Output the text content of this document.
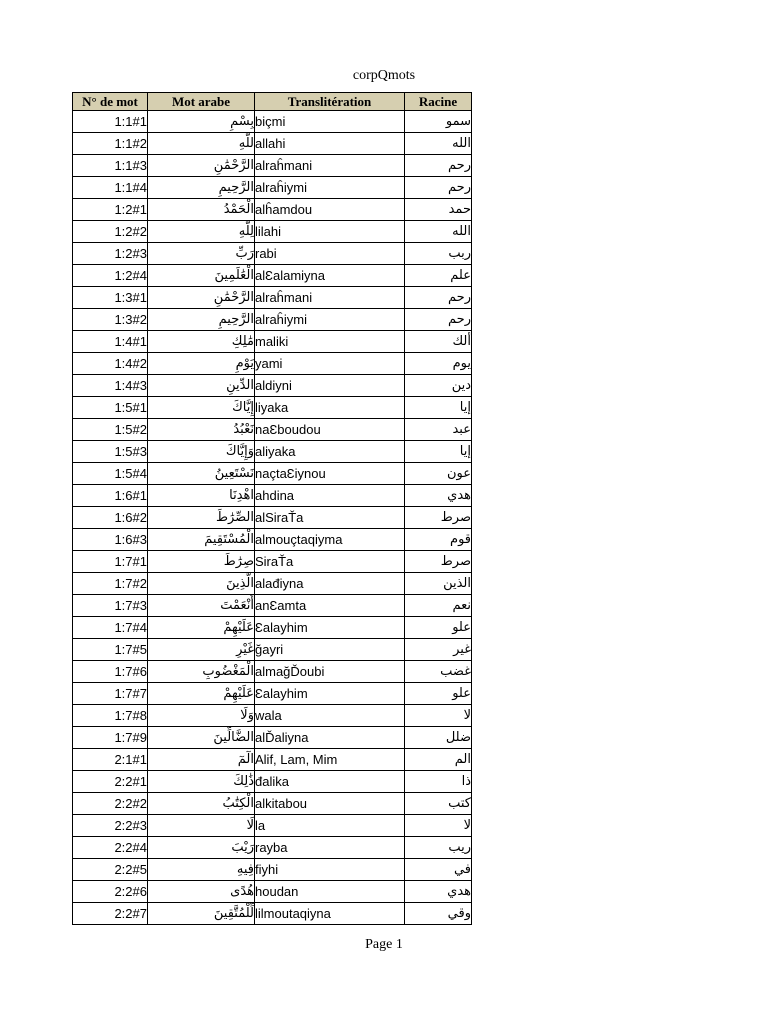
corpQmots
N° de mot	Mot arabe	Translitération	Racine
1:1#1	بِسْمِ	biçmi	سمو
1:1#2	للَّهِ	allahi	الله
1:1#3	الرَّحْمَٰنِ	alraĥmani	رحم
1:1#4	الرَّحِيمِ	alraĥiymi	رحم
1:2#1	الْحَمْدُ	alĥamdou	حمد
1:2#2	لِلَّهِ	lilahi	الله
1:2#3	رَبِّ	rabi	ربب
1:2#4	الْعَٰلَمِينَ	alƐalamiyna	علم
1:3#1	الرَّحْمَٰنِ	alraĥmani	رحم
1:3#2	الرَّحِيمِ	alraĥiymi	رحم
1:4#1	مَٰلِكِ	maliki	ألك
1:4#2	يَوْمِ	yami	يوم
1:4#3	الدِّينِ	aldiyni	دين
1:5#1	إِيَّاكَ	liyaka	إيا
1:5#2	نَعْبُدُ	naƐboudou	عبد
1:5#3	وَإِيَّاكَ	aliyaka	إيا
1:5#4	نَسْتَعِينُ	naçtaƐiynou	عون
1:6#1	اهْدِنَا	ahdina	هدي
1:6#2	الصِّرَٰطَ	alSiraŤa	صرط
1:6#3	الْمُسْتَقِيمَ	almouçtaqiyma	قوم
1:7#1	صِرَٰطَ	SiraŤa	صرط
1:7#2	الَّذِينَ	alađiyna	الذين
1:7#3	أَنْعَمْتَ	anƐamta	نعم
1:7#4	عَلَيْهِمْ	Ɛalayhim	علو
1:7#5	غَيْرِ	ğayri	غير
1:7#6	الْمَغْضُوبِ	almağĎoubi	غضب
1:7#7	عَلَيْهِمْ	Ɛalayhim	علو
1:7#8	وَلَا	wala	لا
1:7#9	الضَّالِّينَ	alĎaliyna	ضلل
2:1#1	الٓمٓ	Alif, Lam, Mim	الم
2:2#1	ذَٰلِكَ	đalika	ذا
2:2#2	الْكِتَٰبُ	alkitabou	كتب
2:2#3	لَا	la	لا
2:2#4	رَيْبَ	rayba	ريب
2:2#5	فِيهِ	fiyhi	في
2:2#6	هُدًى	houdan	هدي
2:2#7	لِّلْمُتَّقِينَ	lilmoutaqiyna	وقي
Page 1
